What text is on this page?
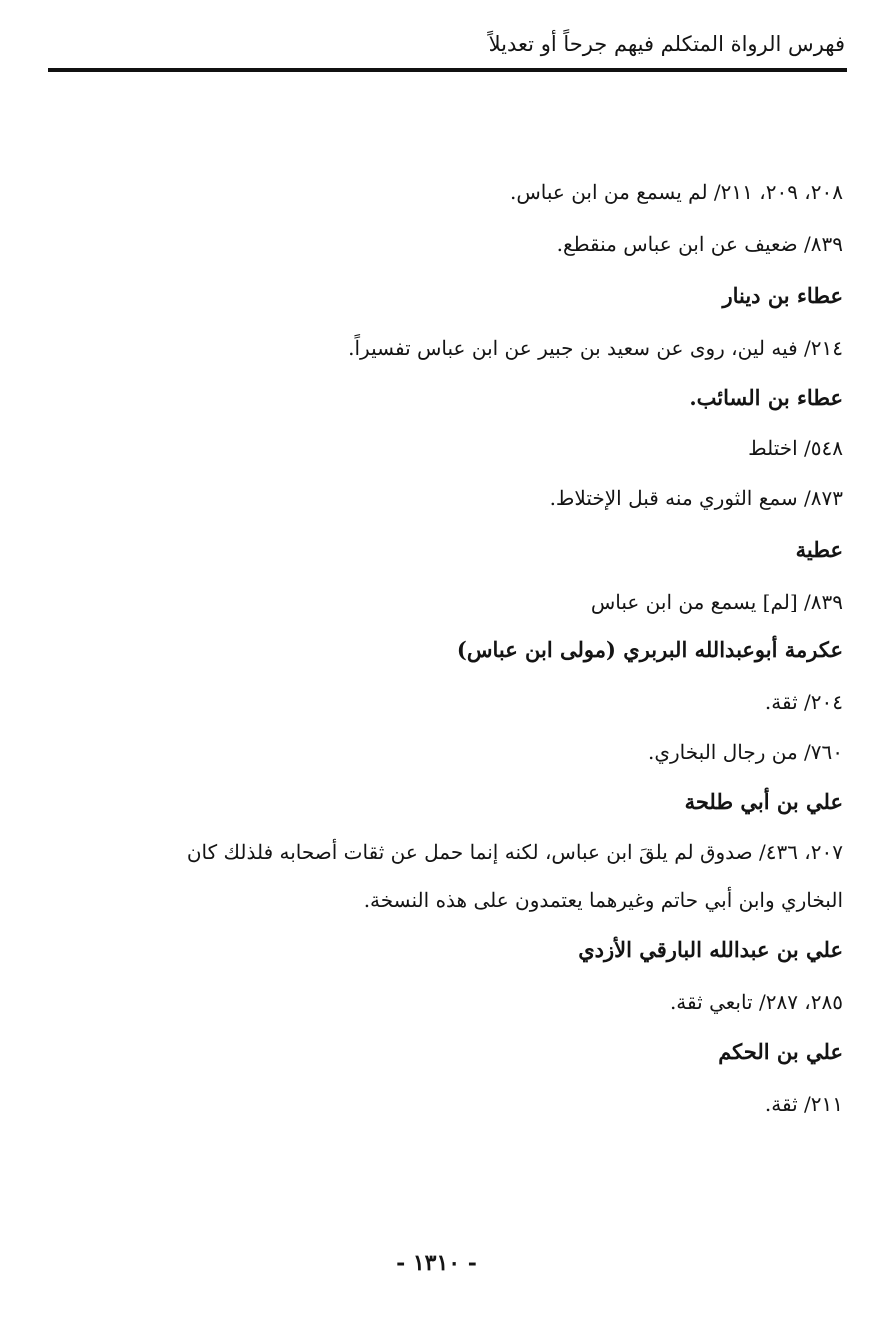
فهرس الرواة المتكلم فيهم جرحاً أو تعديلاً
٢٠٨، ٢٠٩، ٢١١/ لم يسمع من ابن عباس.
٨٣٩/ ضعيف عن ابن عباس منقطع.
عطاء بن دينار
٢١٤/ فيه لين، روى عن سعيد بن جبير عن ابن عباس تفسيراً.
عطاء بن السائب.
٥٤٨/ اختلط
٨٧٣/ سمع الثوري منه قبل الإختلاط.
عطية
٨٣٩/ [لم] يسمع من ابن عباس
عكرمة أبوعبدالله البربري (مولى ابن عباس)
٢٠٤/ ثقة.
٧٦٠/ من رجال البخاري.
علي بن أبي طلحة
٢٠٧، ٤٣٦/ صدوق لم يلقَ ابن عباس، لكنه إنما حمل عن ثقات أصحابه فلذلك كان
البخاري وابن أبي حاتم وغيرهما يعتمدون على هذه النسخة.
علي بن عبدالله البارقي الأزدي
٢٨٥، ٢٨٧/ تابعي ثقة.
علي بن الحكم
٢١١/ ثقة.
- ١٣١٠ -
